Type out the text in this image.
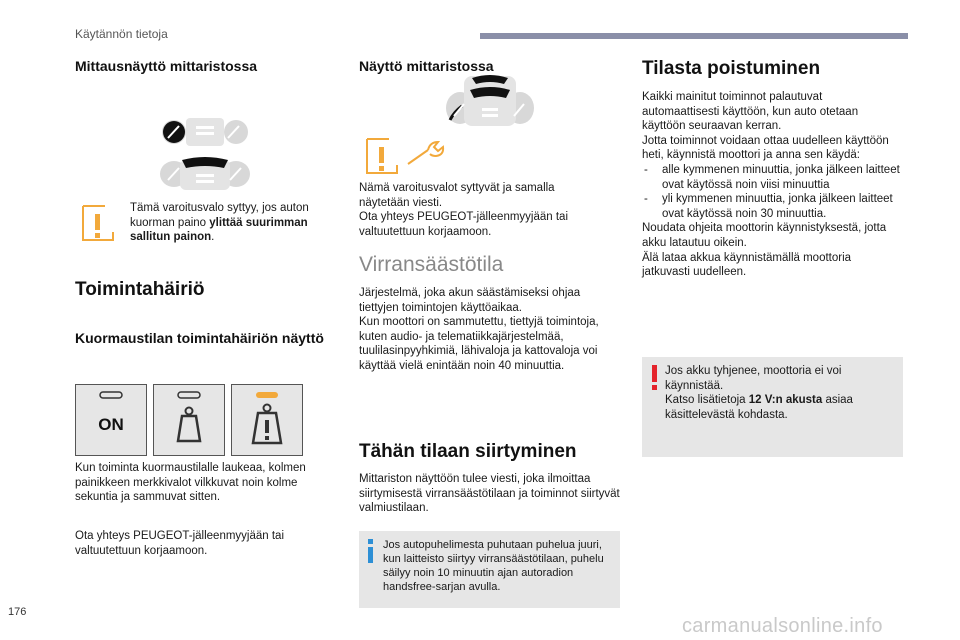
Käytännön tietoja
Mittausnäyttö mittaristossa
Tämä varoitusvalo syttyy, jos auton kuorman paino ylittää suurimman sallitun painon.
Toimintahäiriö
Kuormaustilan toimintahäiriön näyttö
ON
Kun toiminta kuormaustilalle laukeaa, kolmen painikkeen merkkivalot vilkkuvat noin kolme sekuntia ja sammuvat sitten.
Ota yhteys PEUGEOT-jälleenmyyjään tai valtuutettuun korjaamoon.
Näyttö mittaristossa

Nämä varoitusvalot syttyvät ja samalla näytetään viesti.

Ota yhteys PEUGEOT-jälleenmyyjään tai valtuutettuun korjaamoon.

Virransäästötila

Järjestelmä, joka akun säästämiseksi ohjaa tiettyjen toimintojen käyttöaikaa.

Kun moottori on sammutettu, tiettyjä toimintoja, kuten audio- ja telematiikkajärjestelmää, tuulilasinpyyhkimiä, lähivaloja ja kattovaloja voi käyttää vielä enintään noin 40 minuuttia.

Tähän tilaan siirtyminen
Mittariston näyttöön tulee viesti, joka ilmoittaa siirtymisestä virransäästötilaan ja toiminnot siirtyvät valmiustilaan.
Jos autopuhelimesta puhutaan puhelua juuri, kun laitteisto siirtyy virransäästötilaan, puhelu säilyy noin 10 minuutin ajan autoradion handsfree-sarjan avulla.
Tilasta poistuminen

Kaikki mainitut toiminnot palautuvat automaattisesti käyttöön, kun auto otetaan käyttöön seuraavan kerran.

Jotta toiminnot voidaan ottaa uudelleen käyttöön heti, käynnistä moottori ja anna sen käydä:

- alle kymmenen minuuttia, jonka jälkeen laitteet ovat käytössä noin viisi minuuttia
- yli kymmenen minuuttia, jonka jälkeen laitteet ovat käytössä noin 30 minuuttia.

Noudata ohjeita moottorin käynnistyksestä, jotta akku latautuu oikein.

Älä lataa akkua käynnistämällä moottoria jatkuvasti uudelleen.

Jos akku tyhjenee, moottoria ei voi käynnistää.

Katso lisätietoja 12 V:n akusta asiaa käsittelevästä kohdasta.

176
carmanualsonline.info
